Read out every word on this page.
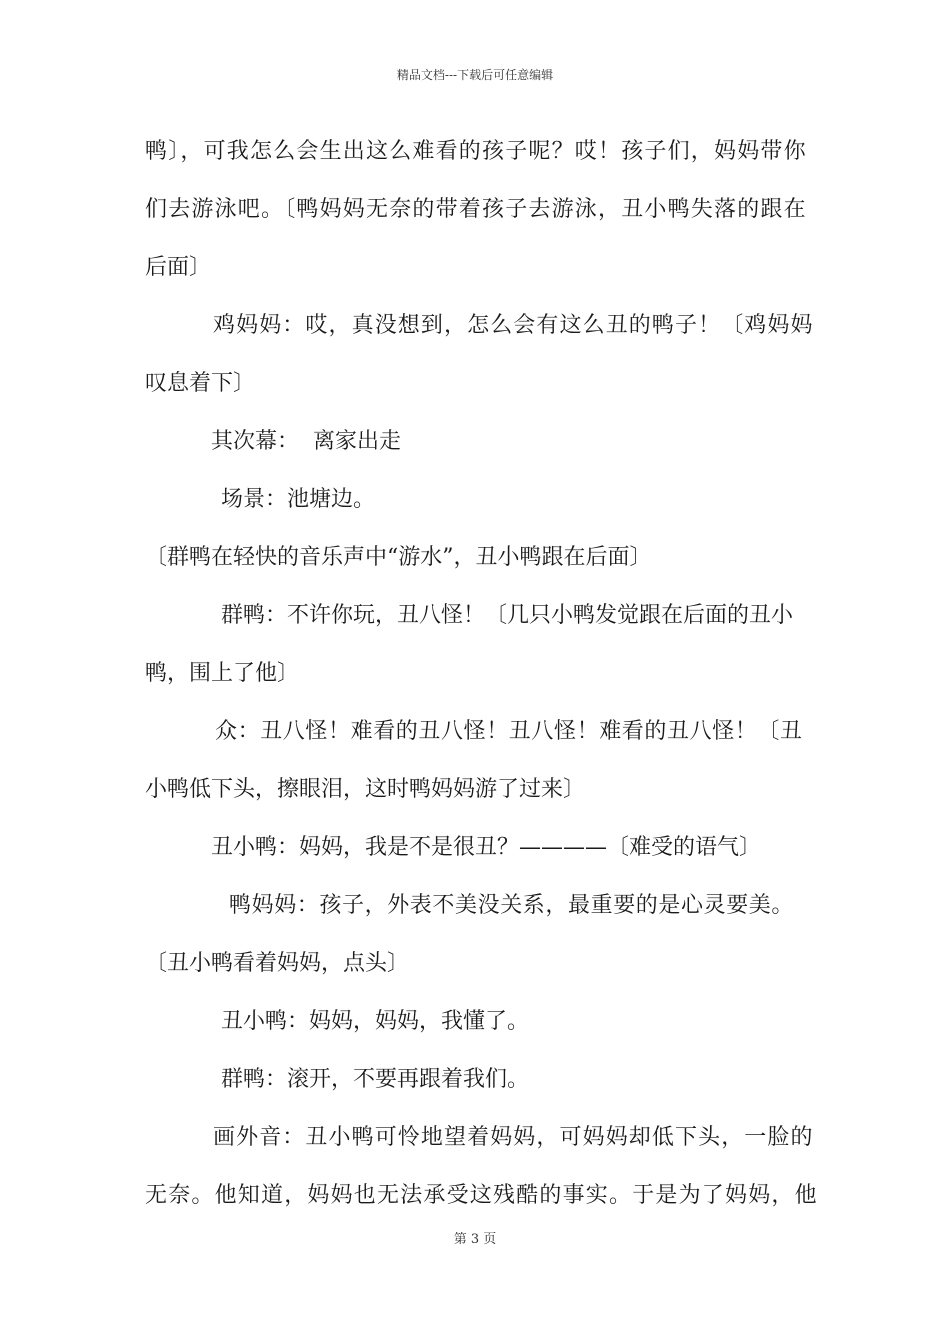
精品文档---下载后可任意编辑
鸭〕，可我怎么会生出这么难看的孩子呢？哎！孩子们，妈妈带你
们去游泳吧。〔鸭妈妈无奈的带着孩子去游泳，丑小鸭失落的跟在
后面〕
鸡妈妈：哎，真没想到，怎么会有这么丑的鸭子！〔鸡妈妈
叹息着下〕
其次幕：  离家出走
场景：池塘边。
〔群鸭在轻快的音乐声中“游水”，丑小鸭跟在后面〕
群鸭：不许你玩，丑八怪！〔几只小鸭发觉跟在后面的丑小
鸭，围上了他〕
众：丑八怪！难看的丑八怪！丑八怪！难看的丑八怪！〔丑
小鸭低下头，擦眼泪，这时鸭妈妈游了过来〕
丑小鸭：妈妈，我是不是很丑？————〔难受的语气〕
鸭妈妈：孩子，外表不美没关系，最重要的是心灵要美。
〔丑小鸭看着妈妈，点头〕
丑小鸭：妈妈，妈妈，我懂了。
群鸭：滚开，不要再跟着我们。
画外音：丑小鸭可怜地望着妈妈，可妈妈却低下头，一脸的
无奈。他知道，妈妈也无法承受这残酷的事实。于是为了妈妈，他
第 3 页
